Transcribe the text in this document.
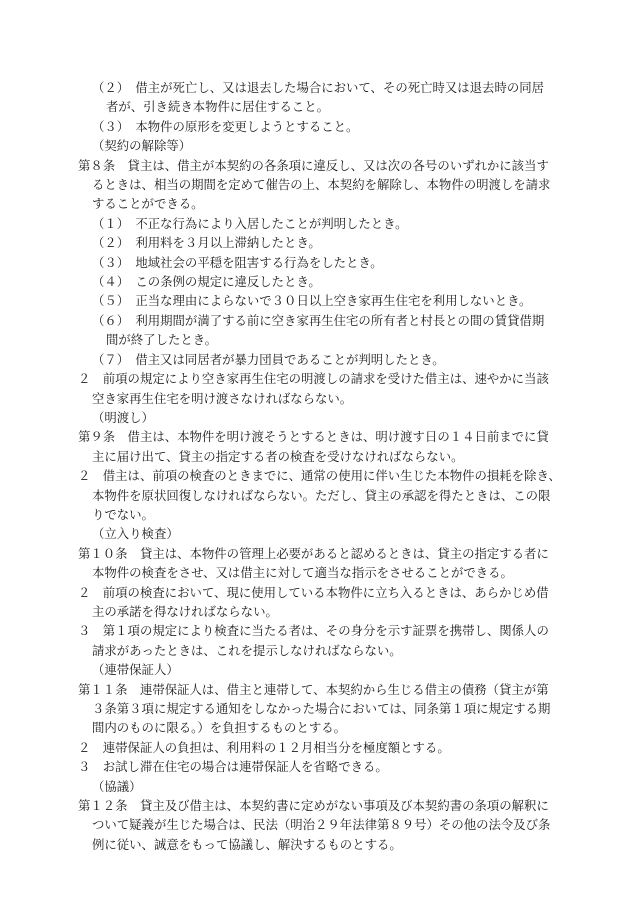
（２）　借主が死亡し、又は退去した場合において、その死亡時又は退去時の同居
者が、引き続き本物件に居住すること。
（３）　本物件の原形を変更しようとすること。
（契約の解除等）
第８条　貸主は、借主が本契約の各条項に違反し、又は次の各号のいずれかに該当す
るときは、相当の期間を定めて催告の上、本契約を解除し、本物件の明渡しを請求
することができる。
（１）　不正な行為により入居したことが判明したとき。
（２）　利用料を３月以上滞納したとき。
（３）　地域社会の平穏を阻害する行為をしたとき。
（４）　この条例の規定に違反したとき。
（５）　正当な理由によらないで３０日以上空き家再生住宅を利用しないとき。
（６）　利用期間が満了する前に空き家再生住宅の所有者と村長との間の賃貸借期
間が終了したとき。
（７）　借主又は同居者が暴力団員であることが判明したとき。
２　前項の規定により空き家再生住宅の明渡しの請求を受けた借主は、速やかに当該
空き家再生住宅を明け渡さなければならない。
（明渡し）
第９条　借主は、本物件を明け渡そうとするときは、明け渡す日の１４日前までに貸
主に届け出て、貸主の指定する者の検査を受けなければならない。
２　借主は、前項の検査のときまでに、通常の使用に伴い生じた本物件の損耗を除き、
本物件を原状回復しなければならない。ただし、貸主の承認を得たときは、この限
りでない。
（立入り検査）
第１０条　貸主は、本物件の管理上必要があると認めるときは、貸主の指定する者に
本物件の検査をさせ、又は借主に対して適当な指示をさせることができる。
２　前項の検査において、現に使用している本物件に立ち入るときは、あらかじめ借
主の承諾を得なければならない。
３　第１項の規定により検査に当たる者は、その身分を示す証票を携帯し、関係人の
請求があったときは、これを提示しなければならない。
（連帯保証人）
第１１条　連帯保証人は、借主と連帯して、本契約から生じる借主の債務（貸主が第
３条第３項に規定する通知をしなかった場合においては、同条第１項に規定する期
間内のものに限る。）を負担するものとする。
２　連帯保証人の負担は、利用料の１２月相当分を極度額とする。
３　お試し滞在住宅の場合は連帯保証人を省略できる。
（協議）
第１２条　貸主及び借主は、本契約書に定めがない事項及び本契約書の条項の解釈に
ついて疑義が生じた場合は、民法（明治２９年法律第８９号）その他の法令及び条
例に従い、誠意をもって協議し、解決するものとする。
